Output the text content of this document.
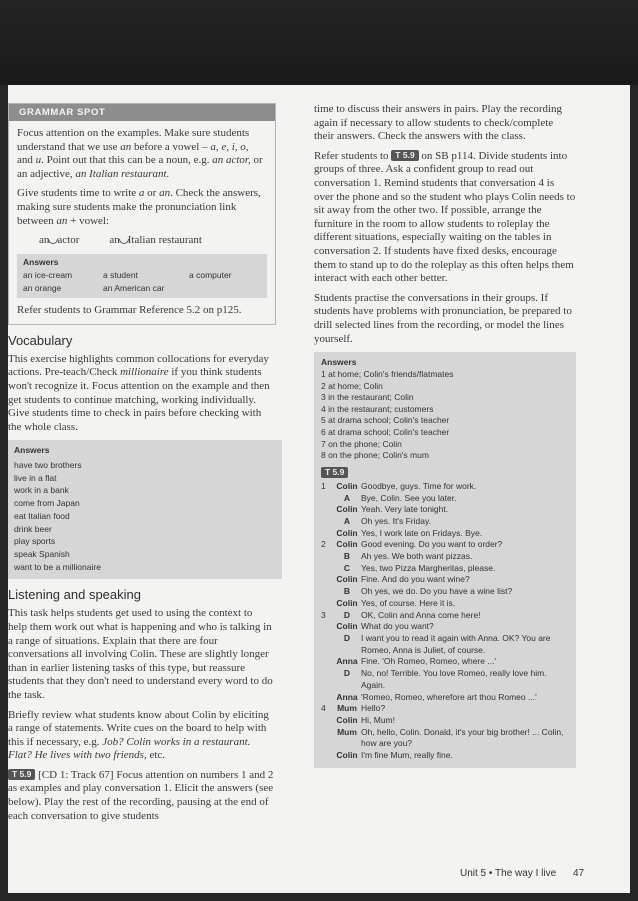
GRAMMAR SPOT

Focus attention on the examples. Make sure students understand that we use an before a vowel – a, e, i, o, and u. Point out that this can be a noun, e.g. an actor, or an adjective, an Italian restaurant.

Give students time to write a or an. Check the answers, making sure students make the pronunciation link between an + vowel:

an actor	an Italian restaurant
Answers
an ice-cream	a student	a computer
an orange	an American car

Refer students to Grammar Reference 5.2 on p125.

Vocabulary

This exercise highlights common collocations for everyday actions. Pre-teach/Check millionaire if you think students won't recognize it. Focus attention on the example and then get students to continue matching, working individually. Give students time to check in pairs before checking with the whole class.

Answers
have two brothers
live in a flat
work in a bank
come from Japan
eat Italian food
drink beer
play sports
speak Spanish
want to be a millionaire
Listening and speaking

This task helps students get used to using the context to help them work out what is happening and who is talking in a range of situations. Explain that there are four conversations all involving Colin. These are slightly longer than in earlier listening tasks of this type, but reassure students that they don't need to understand every word to do the task.

Briefly review what students know about Colin by eliciting a range of statements. Write cues on the board to help with this if necessary, e.g. Job? Colin works in a restaurant. Flat? He lives with two friends, etc.

T 5.9 [CD 1: Track 67] Focus attention on numbers 1 and 2 as examples and play conversation 1. Elicit the answers (see below). Play the rest of the recording, pausing at the end of each conversation to give students

time to discuss their answers in pairs. Play the recording again if necessary to allow students to check/complete their answers. Check the answers with the class.

Refer students to T 5.9 on SB p114. Divide students into groups of three. Ask a confident group to read out conversation 1. Remind students that conversation 4 is over the phone and so the student who plays Colin needs to sit away from the other two. If possible, arrange the furniture in the room to allow students to roleplay the different situations, especially waiting on the tables in conversation 2. If students have fixed desks, encourage them to stand up to do the roleplay as this often helps them interact with each other better.

Students practise the conversations in their groups. If students have problems with pronunciation, be prepared to drill selected lines from the recording, or model the lines yourself.

Answers
1 at home; Colin's friends/flatmates
2 at home; Colin
3 in the restaurant; Colin
4 in the restaurant; customers
5 at drama school; Colin's teacher
6 at drama school; Colin's teacher
7 on the phone; Colin
8 on the phone; Colin's mum
T 5.9
1	Colin Goodbye, guys. Time for work.
A	Bye, Colin. See you later.
Colin Yeah. Very late tonight.
A	Oh yes. It's Friday.
Colin Yes, I work late on Fridays. Bye.
2	Colin Good evening. Do you want to order?
B	Ah yes. We both want pizzas.
C	Yes, two Pizza Margheritas, please.
Colin Fine. And do you want wine?
B	Oh yes, we do. Do you have a wine list?
Colin Yes, of course. Here it is.
3	D	OK, Colin and Anna come here!
Colin What do you want?
D	I want you to read it again with Anna. OK? You are Romeo, Anna is Juliet, of course.
Anna Fine. 'Oh Romeo, Romeo, where ...'
D	No, no! Terrible. You love Romeo, really love him. Again.
Anna 'Romeo, Romeo, wherefore art thou Romeo ...'
4	Mum Hello?
Colin Hi, Mum!
Mum Oh, hello, Colin. Donald, it's your big brother! ... Colin, how are you?
Colin I'm fine Mum, really fine.
Unit 5 • The way I live 47
